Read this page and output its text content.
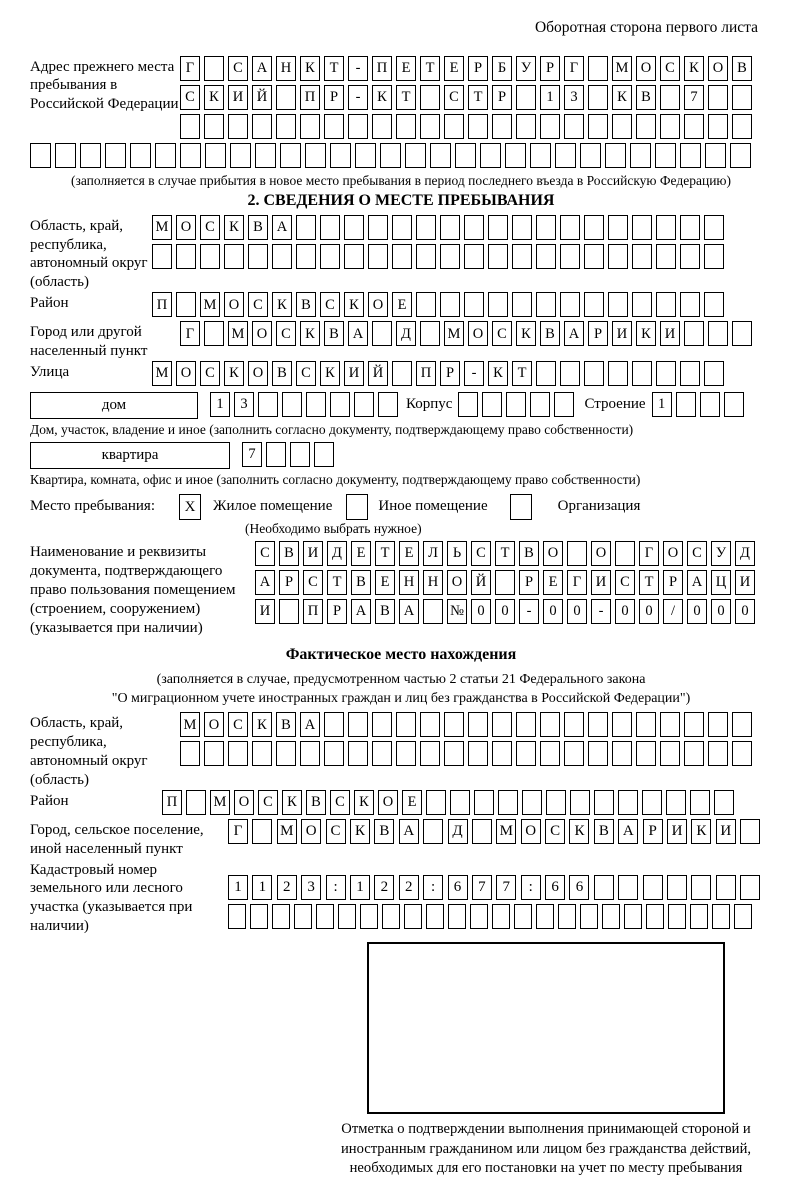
Оборотная сторона первого листа
Адрес прежнего места пребывания в Российской Федерации
Г	С А Н К	Т	-	П Е	Т	Е	Р	Б	У	Р	Г	М О С К О В
С К И Й	П	Р	-	К	Т	С	Т	Р	1	3	К В	7
(заполняется в случае прибытия в новое место пребывания в период последнего въезда в Российскую Федерацию)
2. СВЕДЕНИЯ О МЕСТЕ ПРЕБЫВАНИЯ
Область, край, республика, автономный округ (область)
М О С К В А
Район	П	М О С К В С К О Е
Город или другой населенный пункт
Г	М О С К В А	Д	М О С К В А	Р	И К И
Улица	М О С К О В С К И Й	П	Р	-	К	Т
дом	1	3	Корпус	Строение 1
Дом, участок, владение и иное (заполнить согласно документу, подтверждающему право собственности)
квартира	7
Квартира, комната, офис и иное (заполнить согласно документу, подтверждающему право собственности)
Место пребывания:	X	Жилое помещение	Иное помещение	Организация
(Необходимо выбрать нужное)
Наименование и реквизиты документа, подтверждающего право пользования помещением (строением, сооружением) (указывается при наличии)
С В И Д	Е	Т	Е	Л	Ь	С	Т	В О	О	Г	О С У Д
А	Р	С	Т	В	Е Н Н О Й	Р	Е	Г	И С	Т	Р	А Ц И
И	П	Р	А В А	№ 0	0	-	0	0	-	0	0	/	0	0	0
Фактическое место нахождения
(заполняется в случае, предусмотренном частью 2 статьи 21 Федерального закона
"О миграционном учете иностранных граждан и лиц без гражданства в Российской Федерации")
Область, край, республика, автономный округ (область)
М О С К В А
Район	П	М О С К В С К О Е
Город, сельское поселение, иной населенный пункт
Г	М О С К В А	Д	М О С К В А Р И К И
Кадастровый номер земельного или лесного участка (указывается при наличии)
1	1	2	3	:	1	2	2	:	6	7	7	:	6	6
Отметка о подтверждении выполнения принимающей стороной и иностранным гражданином или лицом без гражданства действий, необходимых для его постановки на учет по месту пребывания
